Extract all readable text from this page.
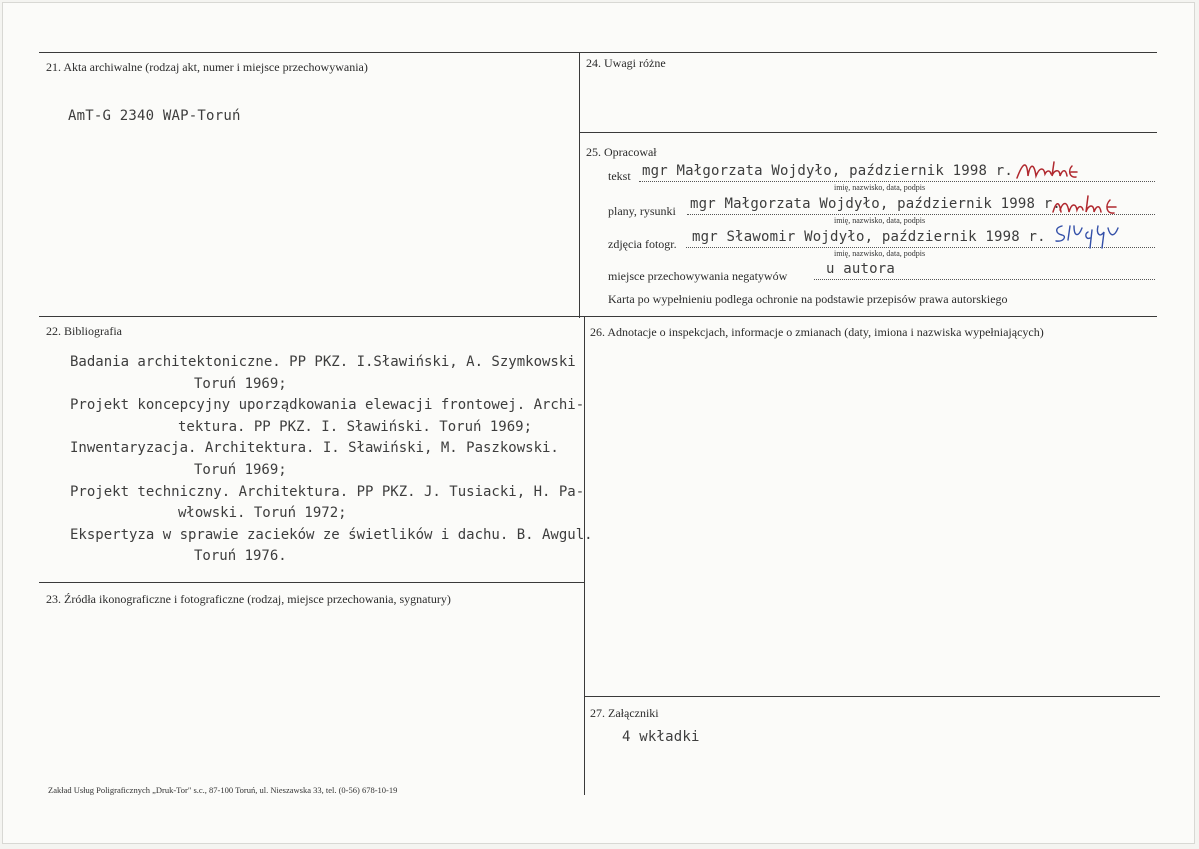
21. Akta archiwalne (rodzaj akt, numer i miejsce przechowywania)
AmT-G 2340 WAP-Toruń
24. Uwagi różne
25. Opracował
tekst mgr Małgorzata Wojdyło, październik 1998 r.
imię, nazwisko, data, podpis
plany, rysunki mgr Małgorzata Wojdyło, październik 1998 r.
imię, nazwisko, data, podpis
zdjęcia fotogr. mgr Sławomir Wojdyło, październik 1998 r.
imię, nazwisko, data, podpis
miejsce przechowywania negatywów	u autora
Karta po wypełnieniu podlega ochronie na podstawie przepisów prawa autorskiego
22. Bibliografia
Badania architektoniczne. PP PKZ. I.Sławiński, A. Szymkowski
Toruń 1969;
Projekt koncepcyjny uporządkowania elewacji frontowej. Archi-
tektura. PP PKZ. I. Sławiński. Toruń 1969;
Inwentaryzacja. Architektura. I. Sławiński, M. Paszkowski.
Toruń 1969;
Projekt techniczny. Architektura. PP PKZ. J. Tusiacki, H. Pa-
włowski. Toruń 1972;
Ekspertyza w sprawie zacieków ze świetlików i dachu. B. Awgul.
Toruń 1976.
26. Adnotacje o inspekcjach, informacje o zmianach (daty, imiona i nazwiska wypełniających)
23. Źródła ikonograficzne i fotograficzne (rodzaj, miejsce przechowania, sygnatury)
27. Załączniki
4 wkładki
Zakład Usług Poligraficznych „Druk-Tor" s.c., 87-100 Toruń, ul. Nieszawska 33, tel. (0-56) 678-10-19
